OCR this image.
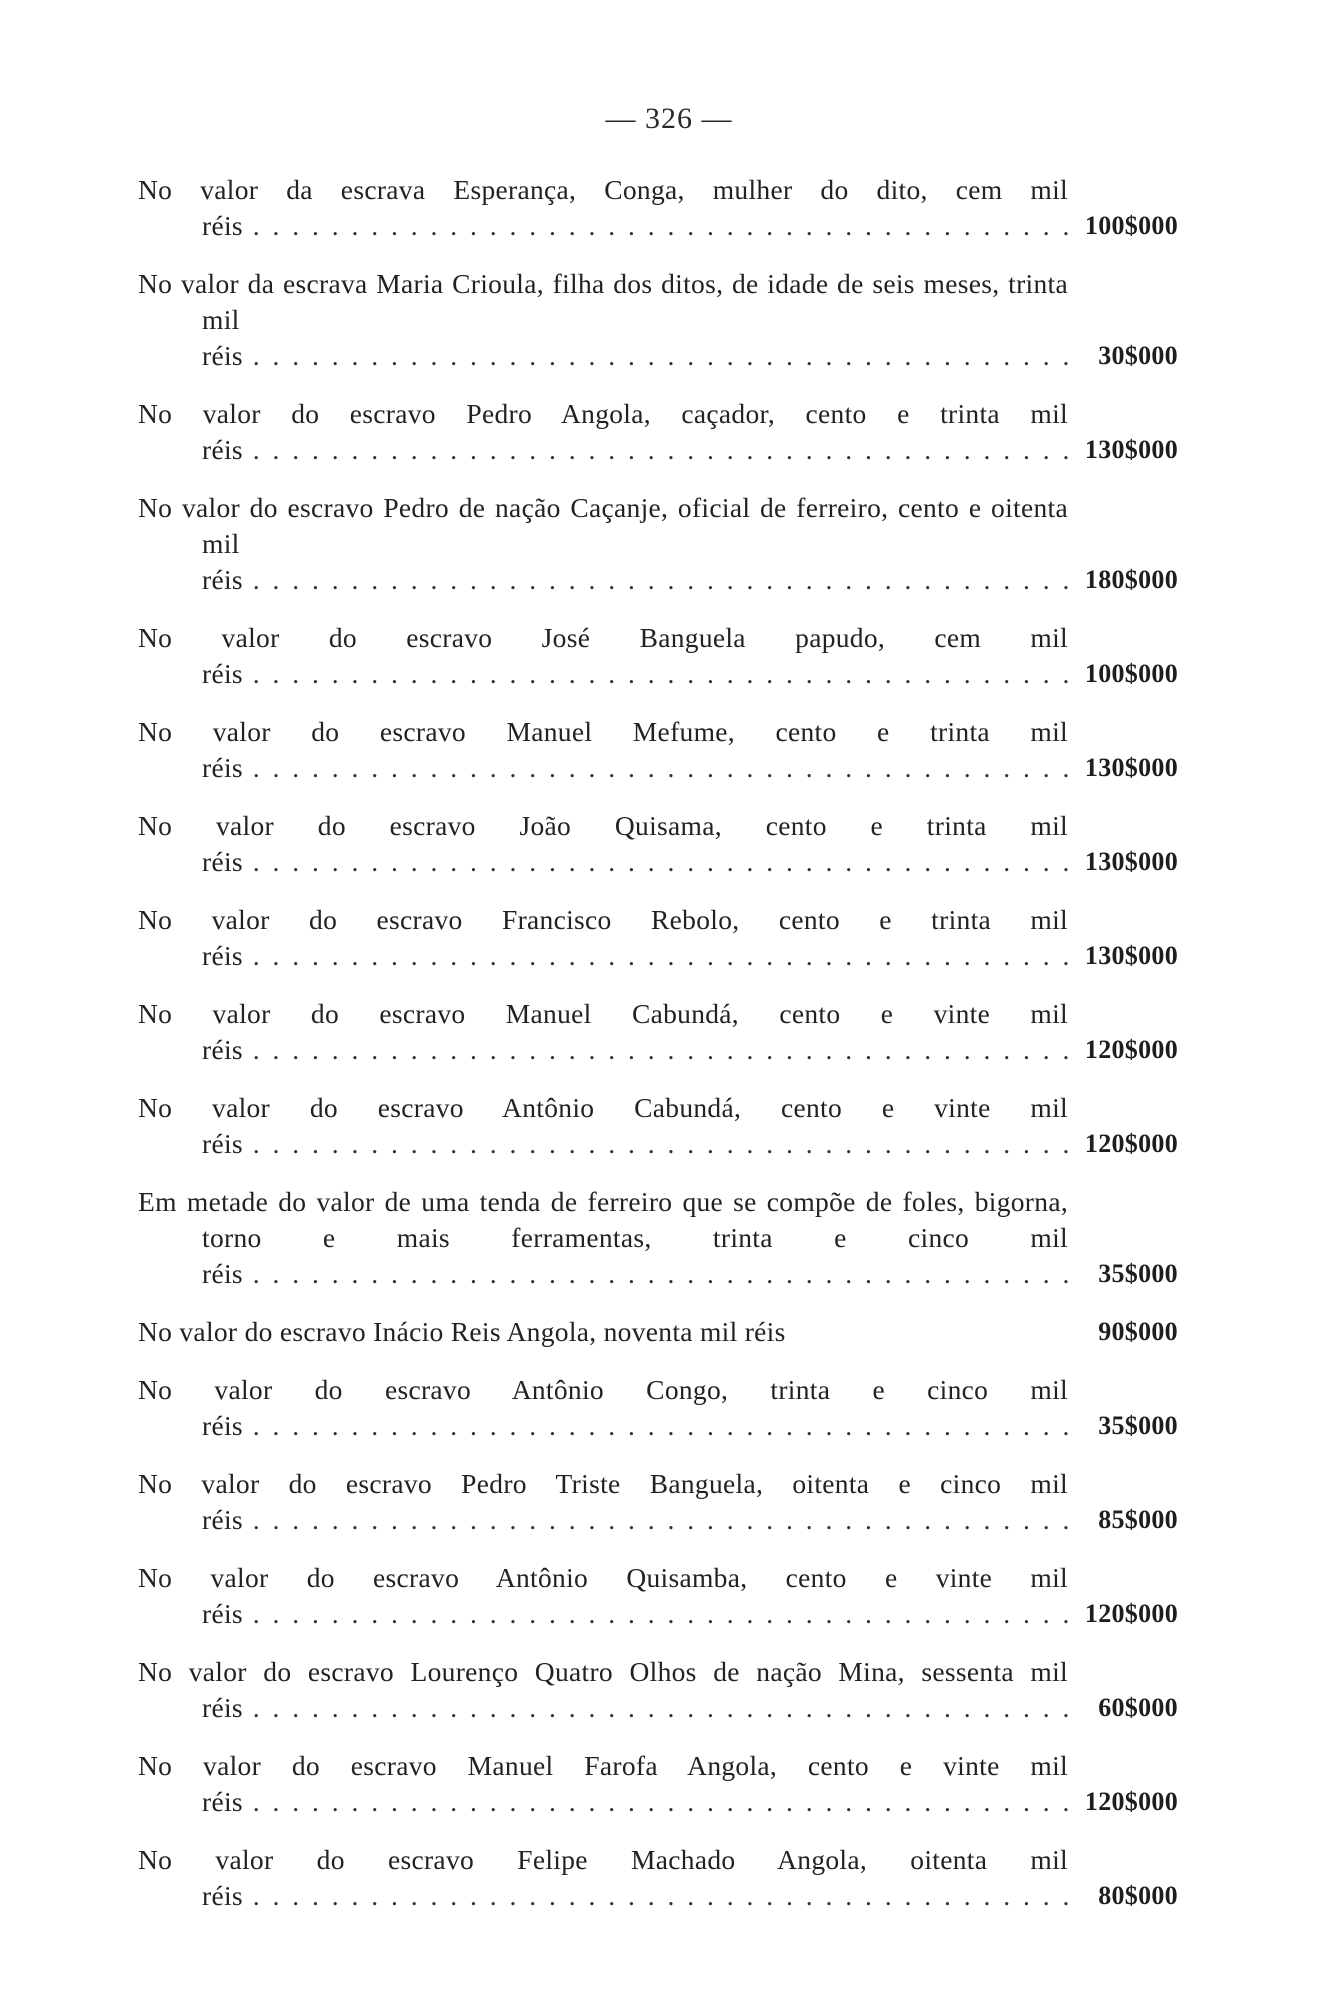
— 326 —
No valor da escrava Esperança, Conga, mulher do dito, cem mil réis . . .	100$000
No valor da escrava Maria Crioula, filha dos ditos, de idade de seis meses, trinta mil réis . . .	30$000
No valor do escravo Pedro Angola, caçador, cento e trinta mil réis . . .	130$000
No valor do escravo Pedro de nação Caçanje, oficial de ferreiro, cento e oitenta mil réis . . .	180$000
No valor do escravo José Banguela papudo, cem mil réis . . .	100$000
No valor do escravo Manuel Mefume, cento e trinta mil réis . . .	130$000
No valor do escravo João Quisama, cento e trinta mil réis . . .	130$000
No valor do escravo Francisco Rebolo, cento e trinta mil réis . . .	130$000
No valor do escravo Manuel Cabundá, cento e vinte mil réis . . .	120$000
No valor do escravo Antônio Cabundá, cento e vinte mil réis . . .	120$000
Em metade do valor de uma tenda de ferreiro que se compõe de foles, bigorna, torno e mais ferramentas, trinta e cinco mil réis . . .	35$000
No valor do escravo Inácio Reis Angola, noventa mil réis	90$000
No valor do escravo Antônio Congo, trinta e cinco mil réis . . .	35$000
No valor do escravo Pedro Triste Banguela, oitenta e cinco mil réis . . .	85$000
No valor do escravo Antônio Quisamba, cento e vinte mil réis . . .	120$000
No valor do escravo Lourenço Quatro Olhos de nação Mina, sessenta mil réis . . .	60$000
No valor do escravo Manuel Farofa Angola, cento e vinte mil réis . . .	120$000
No valor do escravo Felipe Machado Angola, oitenta mil réis . . .	80$000
